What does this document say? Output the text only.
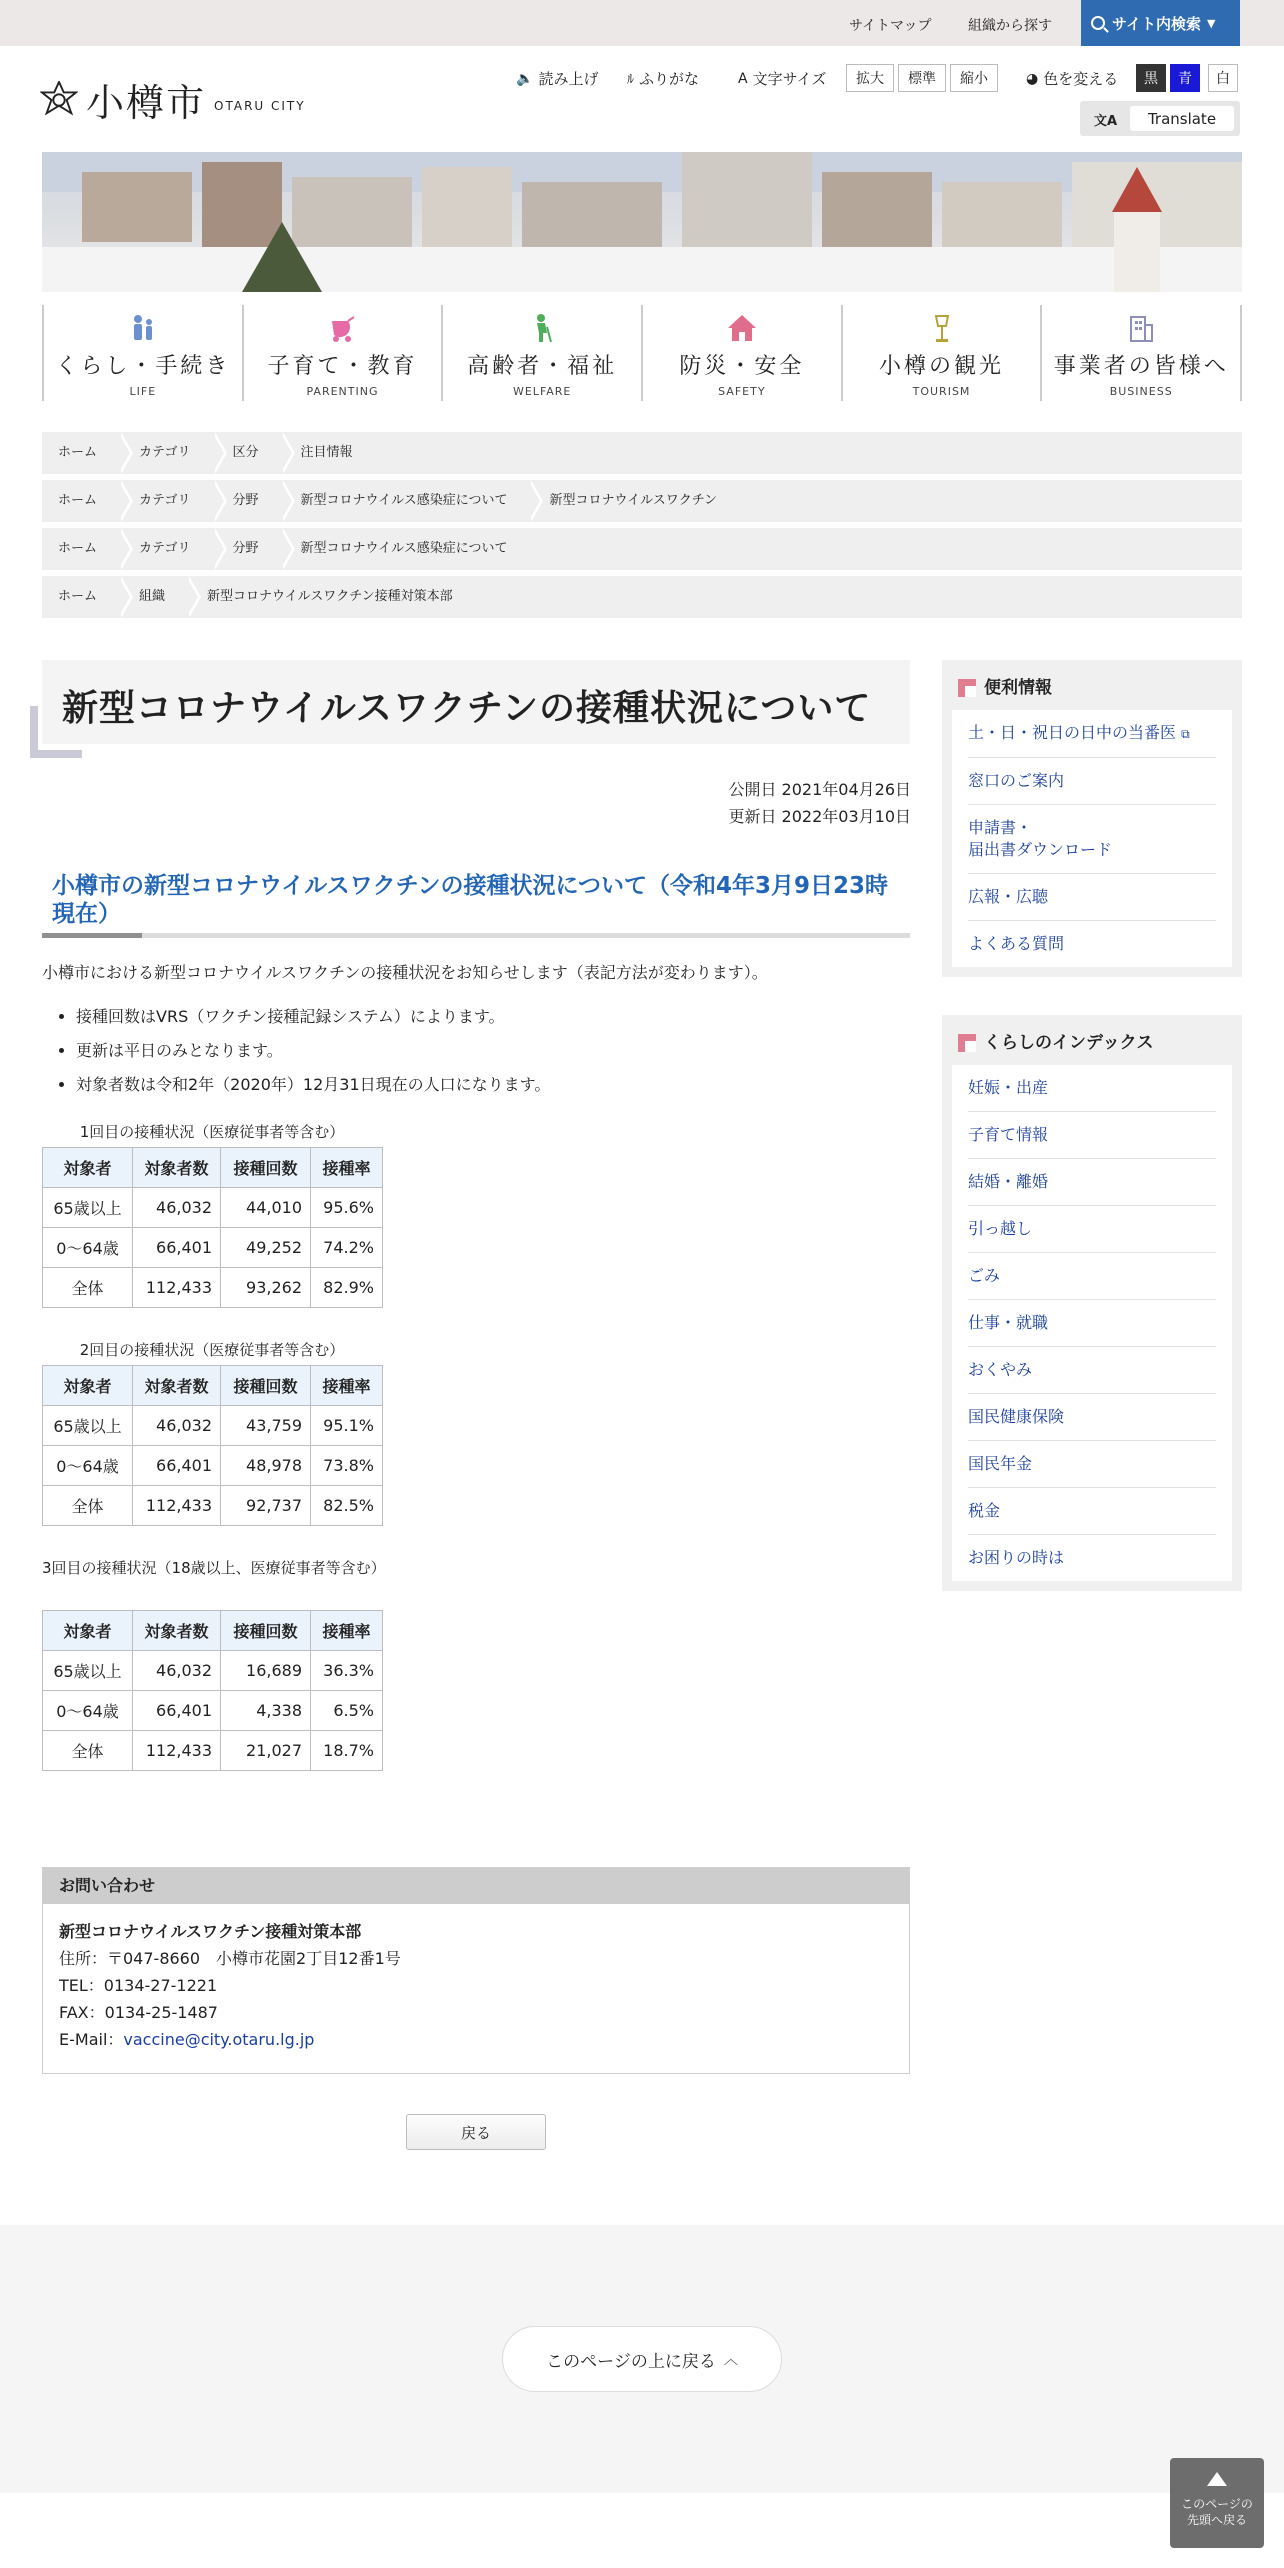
サイトマップ	組織から探す	サイト内検索 ▼
小樽市 OTARU CITY
🔈 読み上げ ﾙ ふりがな	A 文字サイズ	拡大	標準	縮小	◕ 色を変える	黒	青	白
文A	Translate
くらし・手続き
LIFE
子育て・教育
PARENTING
高齢者・福祉
WELFARE
防災・安全
SAFETY
小樽の観光
TOURISM
事業者の皆様へ
BUSINESS
ホーム	カテゴリ	区分	注目情報
ホーム	カテゴリ	分野	新型コロナウイルス感染症について	新型コロナウイルスワクチン
ホーム	カテゴリ	分野	新型コロナウイルス感染症について
ホーム	組織	新型コロナウイルスワクチン接種対策本部
新型コロナウイルスワクチンの接種状況について
公開日 2021年04月26日
更新日 2022年03月10日
小樽市の新型コロナウイルスワクチンの接種状況について（令和4年3月9日23時現在）

小樽市における新型コロナウイルスワクチンの接種状況をお知らせします（表記方法が変わります）。

• 接種回数はVRS（ワクチン接種記録システム）によります。
• 更新は平日のみとなります。
• 対象者数は令和2年（2020年）12月31日現在の人口になります。
1回目の接種状況（医療従事者等含む）
対象者	対象者数	接種回数	接種率
65歳以上	46,032	44,010	95.6%
0～64歳	66,401	49,252	74.2%
全体	112,433	93,262	82.9%
2回目の接種状況（医療従事者等含む）
対象者	対象者数	接種回数	接種率
65歳以上	46,032	43,759	95.1%
0～64歳	66,401	48,978	73.8%
全体	112,433	92,737	82.5%
3回目の接種状況（18歳以上、医療従事者等含む）
対象者	対象者数	接種回数	接種率
65歳以上	46,032	16,689	36.3%
0～64歳	66,401	4,338	6.5%
全体	112,433	21,027	18.7%
お問い合わせ
新型コロナウイルスワクチン接種対策本部
住所：〒047-8660　小樽市花園2丁目12番1号
TEL：0134-27-1221
FAX：0134-25-1487
E-Mail：vaccine@city.otaru.lg.jp
戻る
便利情報
土・日・祝日の日中の当番医 ⧉
窓口のご案内
申請書・
届出書ダウンロード
広報・広聴
よくある質問
くらしのインデックス
妊娠・出産
子育て情報
結婚・離婚
引っ越し
ごみ
仕事・就職
おくやみ
国民健康保険
国民年金
税金
お困りの時は
このページの上に戻る ︿
このページの
先頭へ戻る
